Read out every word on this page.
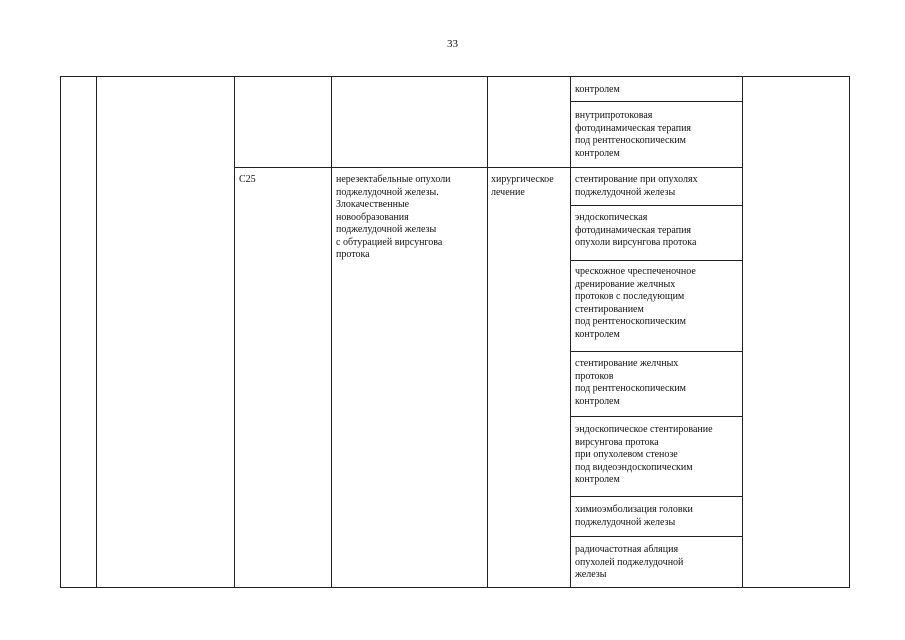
33
контролем
внутрипротоковая
фотодинамическая терапия
под рентгеноскопическим
контролем
C25	нерезектабельные опухоли
поджелудочной железы.
Злокачественные
новообразования
поджелудочной железы
с обтурацией вирсунгова
протока
хирургическое
лечение
стентирование при опухолях
поджелудочной железы
эндоскопическая
фотодинамическая терапия
опухоли вирсунгова протока
чрескожное чреспеченочное
дренирование желчных
протоков с последующим
стентированием
под рентгеноскопическим
контролем
стентирование желчных
протоков
под рентгеноскопическим
контролем
эндоскопическое стентирование
вирсунгова протока
при опухолевом стенозе
под видеоэндоскопическим
контролем
химиоэмболизация головки
поджелудочной железы
радиочастотная абляция
опухолей поджелудочной
железы
